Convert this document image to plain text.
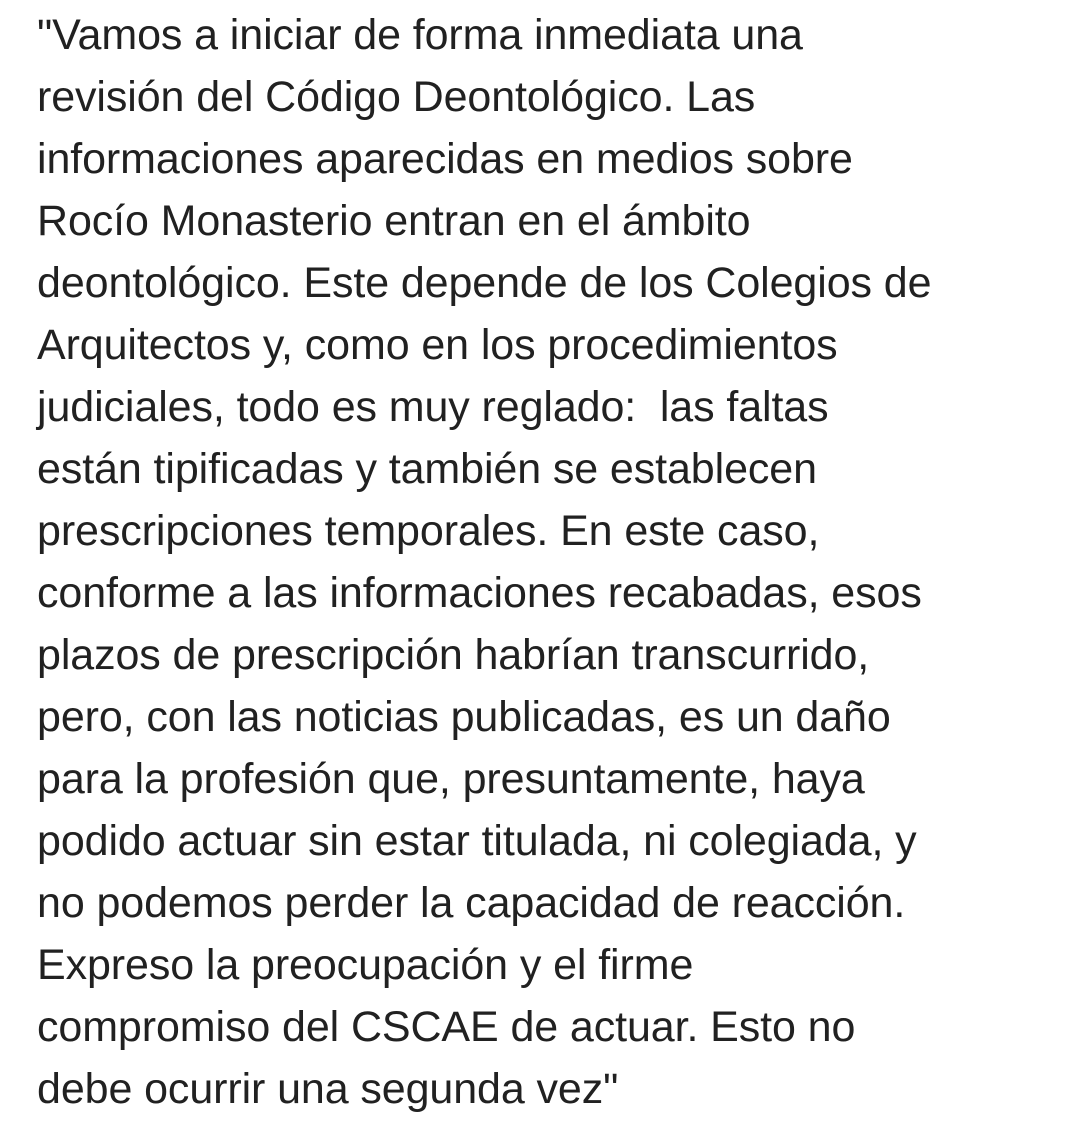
"Vamos a iniciar de forma inmediata una
revisión del Código Deontológico. Las
informaciones aparecidas en medios sobre
Rocío Monasterio entran en el ámbito
deontológico. Este depende de los Colegios de
Arquitectos y, como en los procedimientos
judiciales, todo es muy reglado:  las faltas
están tipificadas y también se establecen
prescripciones temporales. En este caso,
conforme a las informaciones recabadas, esos
plazos de prescripción habrían transcurrido,
pero, con las noticias publicadas, es un daño
para la profesión que, presuntamente, haya
podido actuar sin estar titulada, ni colegiada, y
no podemos perder la capacidad de reacción.
Expreso la preocupación y el firme
compromiso del CSCAE de actuar. Esto no
debe ocurrir una segunda vez"
